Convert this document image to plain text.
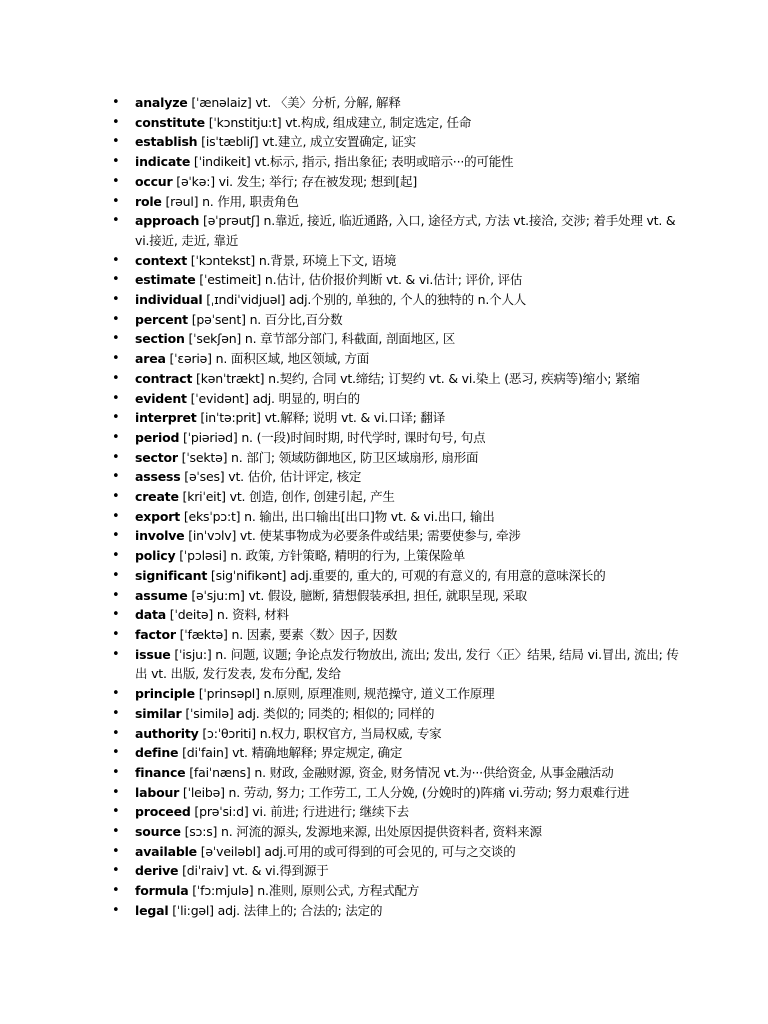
• analyze [ˈænəlaiz] vt. 〈美〉分析, 分解, 解释
• constitute [ˈkɔnstitju:t] vt.构成, 组成建立, 制定选定, 任命
• establish [isˈtæbliʃ] vt.建立, 成立安置确定, 证实
• indicate [ˈindikeit] vt.标示, 指示, 指出象征; 表明或暗示···的可能性
• occur [əˈkə:] vi. 发生; 举行; 存在被发现; 想到[起]
• role [rəul] n. 作用, 职责角色
• approach [əˈprəutʃ] n.靠近, 接近, 临近通路, 入口, 途径方式, 方法 vt.接洽, 交涉; 着手处理 vt. & vi.接近, 走近, 靠近
• context [ˈkɔntekst] n.背景, 环境上下文, 语境
• estimate [ˈestimeit] n.估计, 估价报价判断 vt. & vi.估计; 评价, 评估
• individual [ˌɪndiˈvidjuəl] adj.个别的, 单独的, 个人的独特的 n.个人人
• percent [pəˈsent] n. 百分比,百分数
• section [ˈsekʃən] n. 章节部分部门, 科截面, 剖面地区, 区
• area [ˈɛəriə] n. 面积区域, 地区领域, 方面
• contract [kənˈtrækt] n.契约, 合同 vt.缔结; 订契约 vt. & vi.染上 (恶习, 疾病等)缩小; 紧缩
• evident [ˈevidənt] adj. 明显的, 明白的
• interpret [inˈtə:prit] vt.解释; 说明 vt. & vi.口译; 翻译
• period [ˈpiəriəd] n. (一段)时间时期, 时代学时, 课时句号, 句点
• sector [ˈsektə] n. 部门; 领域防御地区, 防卫区域扇形, 扇形面
• assess [əˈses] vt. 估价, 估计评定, 核定
• create [kriˈeit] vt. 创造, 创作, 创建引起, 产生
• export [eksˈpɔ:t] n. 输出, 出口输出[出口]物 vt. & vi.出口, 输出
• involve [inˈvɔlv] vt. 使某事物成为必要条件或结果; 需要使参与, 牵涉
• policy [ˈpɔləsi] n. 政策, 方针策略, 精明的行为, 上策保险单
• significant [sigˈnifikənt] adj.重要的, 重大的, 可观的有意义的, 有用意的意味深长的
• assume [əˈsju:m] vt. 假设, 臆断, 猜想假装承担, 担任, 就职呈现, 采取
• data [ˈdeitə] n. 资料, 材料
• factor [ˈfæktə] n. 因素, 要素〈数〉因子, 因数
• issue [ˈisju:] n. 问题, 议题; 争论点发行物放出, 流出; 发出, 发行〈正〉结果, 结局 vi.冒出, 流出; 传出 vt. 出版, 发行发表, 发布分配, 发给
• principle [ˈprinsəpl] n.原则, 原理准则, 规范操守, 道义工作原理
• similar [ˈsimilə] adj. 类似的; 同类的; 相似的; 同样的
• authority [ɔ:ˈθɔriti] n.权力, 职权官方, 当局权威, 专家
• define [diˈfain] vt. 精确地解释; 界定规定, 确定
• finance [faiˈnæns] n. 财政, 金融财源, 资金, 财务情况 vt.为···供给资金, 从事金融活动
• labour [ˈleibə] n. 劳动, 努力; 工作劳工, 工人分娩, (分娩时的)阵痛 vi.劳动; 努力艰难行进
• proceed [prəˈsi:d] vi. 前进; 行进进行; 继续下去
• source [sɔ:s] n. 河流的源头, 发源地来源, 出处原因提供资料者, 资料来源
• available [əˈveiləbl] adj.可用的或可得到的可会见的, 可与之交谈的
• derive [diˈraiv] vt. & vi.得到源于
• formula [ˈfɔ:mjulə] n.准则, 原则公式, 方程式配方
• legal [ˈli:gəl] adj. 法律上的; 合法的; 法定的
